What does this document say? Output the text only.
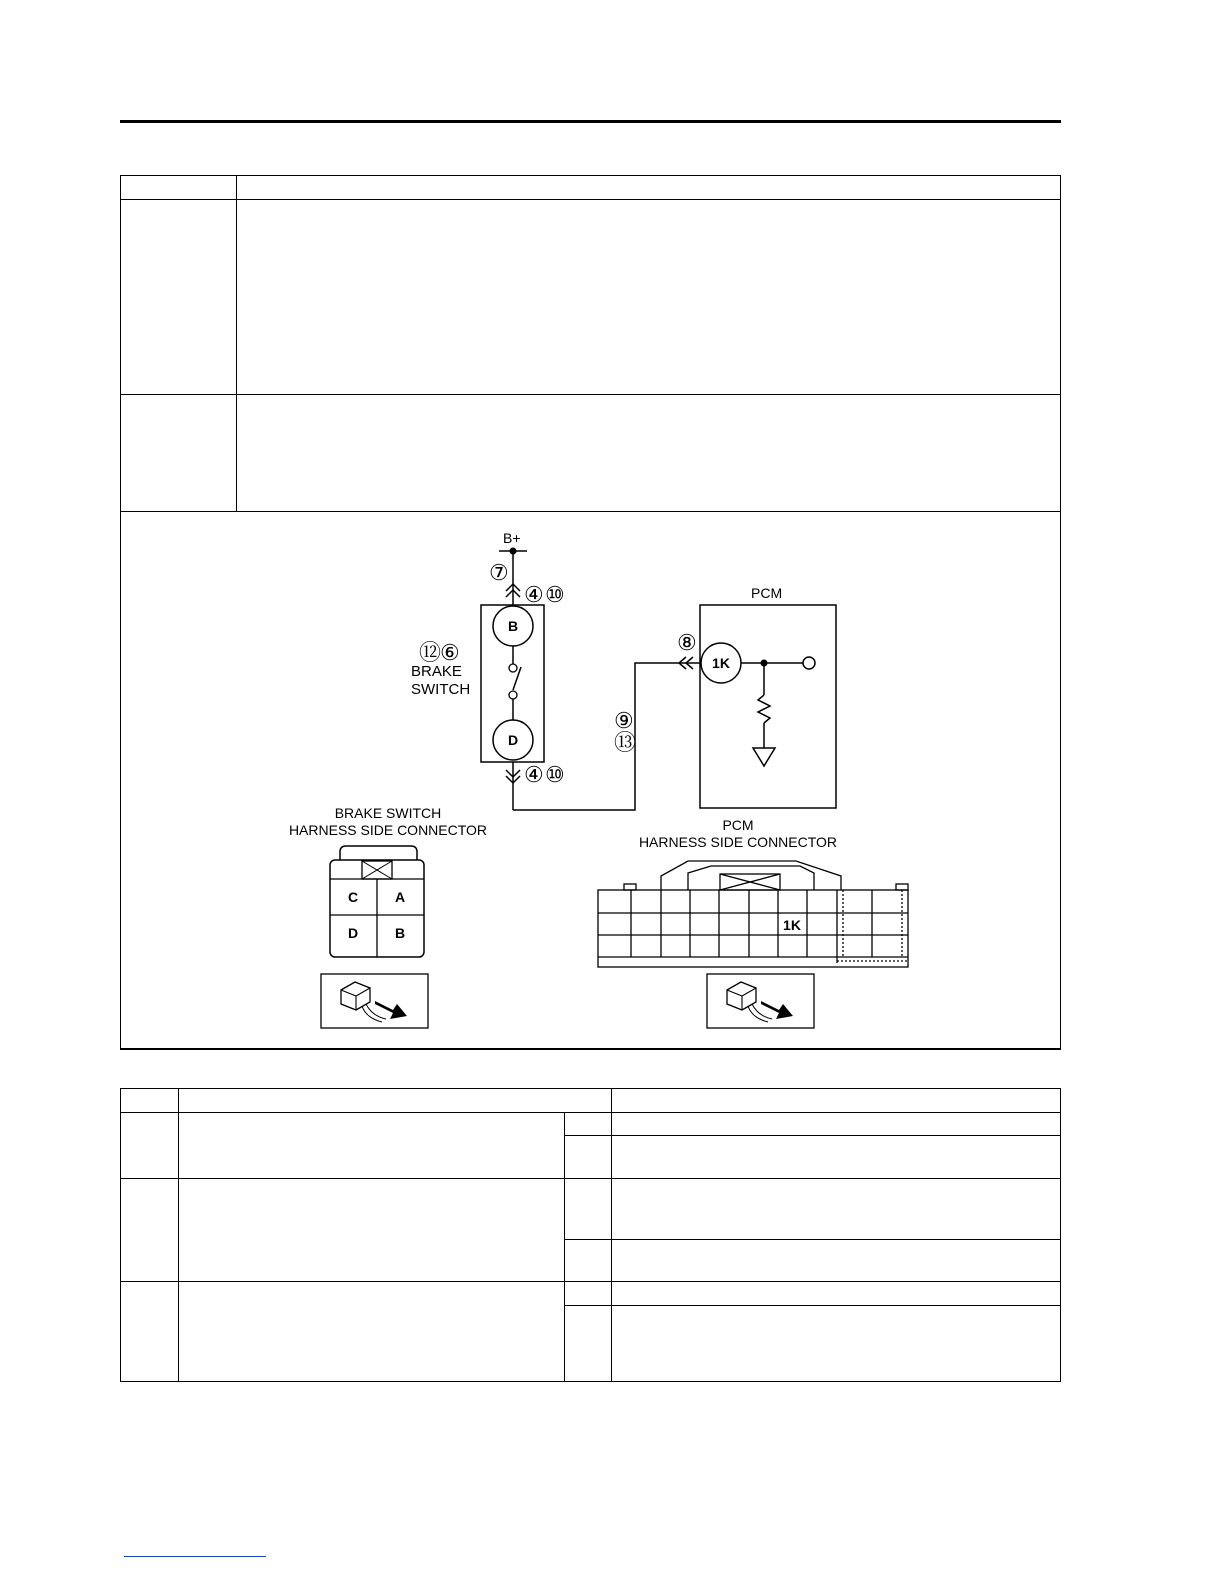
B+
⑦
④ ⑩
B
D
⑫
⑥
BRAKE
SWITCH
④ ⑩
⑨
⑬
PCM
⑧
1K
BRAKE SWITCH
HARNESS SIDE CONNECTOR
C	A
D	B
PCM
HARNESS SIDE CONNECTOR
1K
